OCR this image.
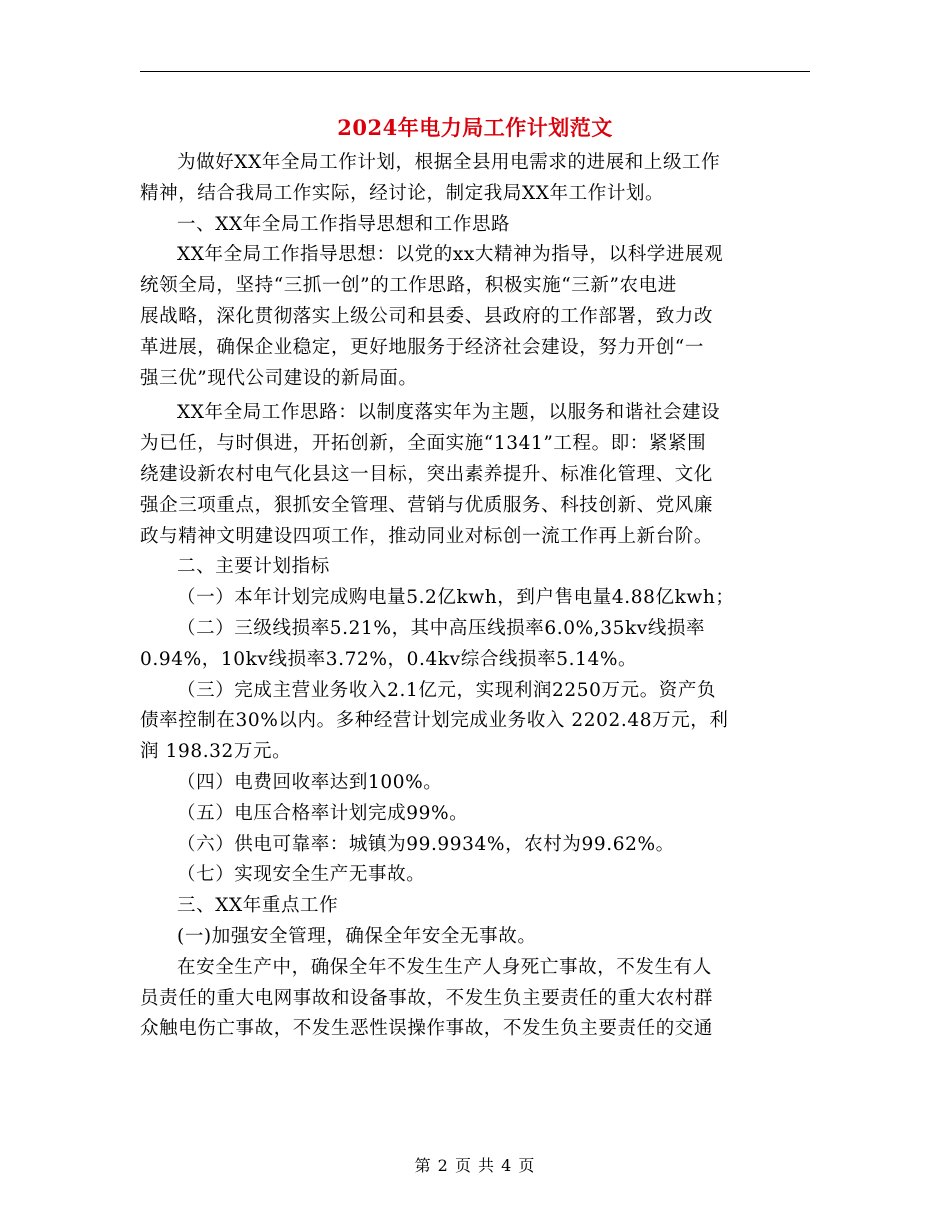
2024年电力局工作计划范文

为做好XX年全局工作计划，根据全县用电需求的进展和上级工作

精神，结合我局工作实际，经讨论，制定我局XX年工作计划。

一、XX年全局工作指导思想和工作思路

XX年全局工作指导思想：以党的xx大精神为指导，以科学进展观

统领全局，坚持“三抓一创”的工作思路，积极实施“三新”农电进

展战略，深化贯彻落实上级公司和县委、县政府的工作部署，致力改

革进展，确保企业稳定，更好地服务于经济社会建设，努力开创“一

强三优”现代公司建设的新局面。

XX年全局工作思路：以制度落实年为主题，以服务和谐社会建设

为已任，与时俱进，开拓创新，全面实施“1341”工程。即：紧紧围

绕建设新农村电气化县这一目标，突出素养提升、标准化管理、文化

强企三项重点，狠抓安全管理、营销与优质服务、科技创新、党风廉

政与精神文明建设四项工作，推动同业对标创一流工作再上新台阶。

二、主要计划指标

（一）本年计划完成购电量5.2亿kwh，到户售电量4.88亿kwh；

（二）三级线损率5.21%，其中高压线损率6.0%,35kv线损率

0.94%，10kv线损率3.72%，0.4kv综合线损率5.14%。

（三）完成主营业务收入2.1亿元，实现利润2250万元。资产负

债率控制在30%以内。多种经营计划完成业务收入 2202.48万元，利

润 198.32万元。

（四）电费回收率达到100%。

（五）电压合格率计划完成99%。

（六）供电可靠率：城镇为99.9934%，农村为99.62%。

（七）实现安全生产无事故。

三、XX年重点工作

(一)加强安全管理，确保全年安全无事故。

在安全生产中，确保全年不发生生产人身死亡事故，不发生有人

员责任的重大电网事故和设备事故，不发生负主要责任的重大农村群

众触电伤亡事故，不发生恶性误操作事故，不发生负主要责任的交通

第 2 页 共 4 页
